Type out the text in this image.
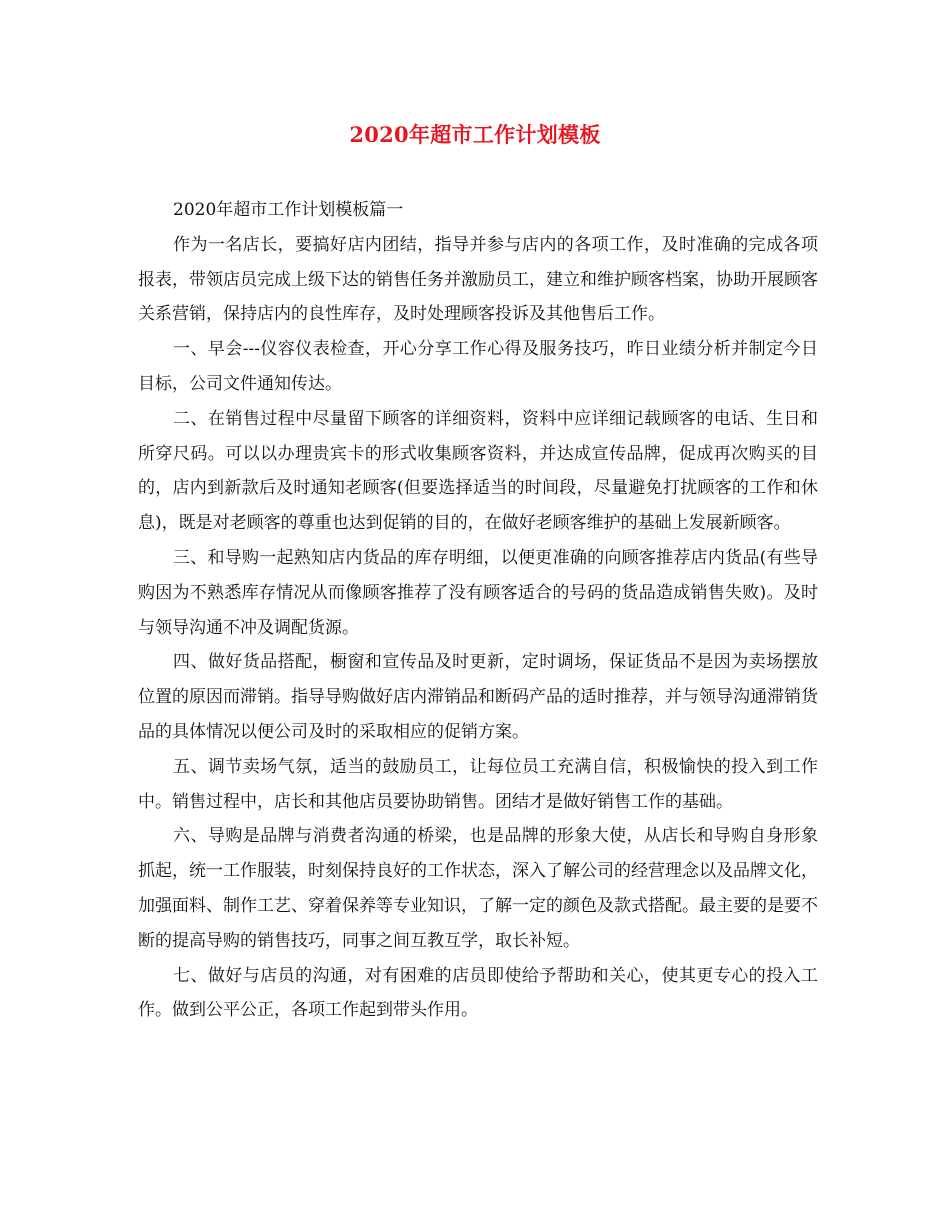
2020年超市工作计划模板

2020年超市工作计划模板篇一

作为一名店长，要搞好店内团结，指导并参与店内的各项工作，及时准确的完成各项报表，带领店员完成上级下达的销售任务并激励员工，建立和维护顾客档案，协助开展顾客关系营销，保持店内的良性库存，及时处理顾客投诉及其他售后工作。

一、早会---仪容仪表检查，开心分享工作心得及服务技巧，昨日业绩分析并制定今日目标，公司文件通知传达。

二、在销售过程中尽量留下顾客的详细资料，资料中应详细记载顾客的电话、生日和所穿尺码。可以以办理贵宾卡的形式收集顾客资料，并达成宣传品牌，促成再次购买的目的，店内到新款后及时通知老顾客(但要选择适当的时间段，尽量避免打扰顾客的工作和休息)，既是对老顾客的尊重也达到促销的目的，在做好老顾客维护的基础上发展新顾客。

三、和导购一起熟知店内货品的库存明细，以便更准确的向顾客推荐店内货品(有些导购因为不熟悉库存情况从而像顾客推荐了没有顾客适合的号码的货品造成销售失败)。及时与领导沟通不冲及调配货源。

四、做好货品搭配，橱窗和宣传品及时更新，定时调场，保证货品不是因为卖场摆放位置的原因而滞销。指导导购做好店内滞销品和断码产品的适时推荐，并与领导沟通滞销货品的具体情况以便公司及时的采取相应的促销方案。

五、调节卖场气氛，适当的鼓励员工，让每位员工充满自信，积极愉快的投入到工作中。销售过程中，店长和其他店员要协助销售。团结才是做好销售工作的基础。

六、导购是品牌与消费者沟通的桥梁，也是品牌的形象大使，从店长和导购自身形象抓起，统一工作服装，时刻保持良好的工作状态，深入了解公司的经营理念以及品牌文化，加强面料、制作工艺、穿着保养等专业知识，了解一定的颜色及款式搭配。最主要的是要不断的提高导购的销售技巧，同事之间互教互学，取长补短。

七、做好与店员的沟通，对有困难的店员即使给予帮助和关心，使其更专心的投入工作。做到公平公正，各项工作起到带头作用。
